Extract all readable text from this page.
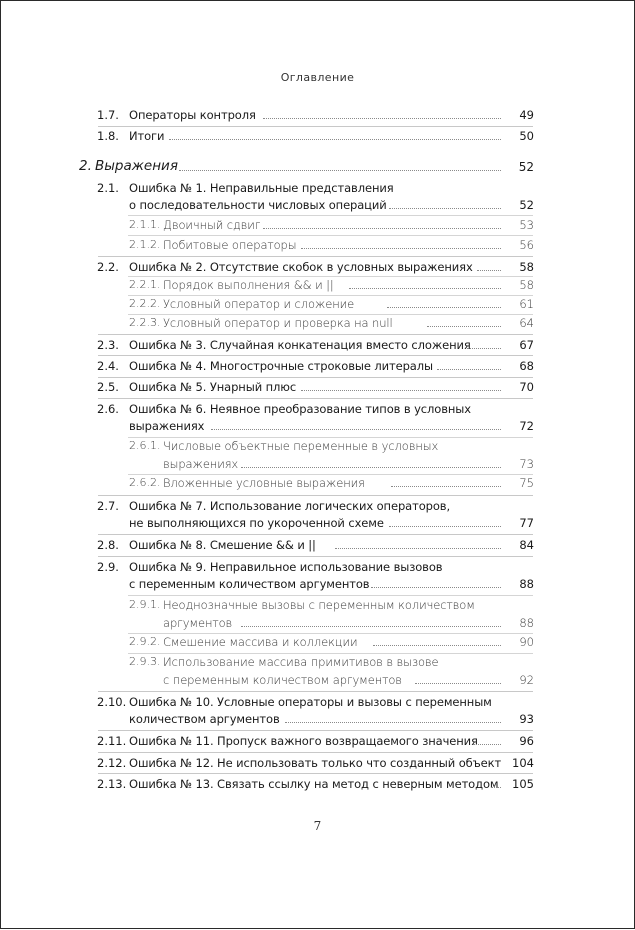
Оглавление
1.7. Операторы контроля	49
1.8. Итоги	50
2. Выражения	52
2.1. Ошибка № 1. Неправильные представления
о последовательности числовых операций	52
2.1.1. Двоичный сдвиг	53
2.1.2. Побитовые операторы	56
2.2. Ошибка № 2. Отсутствие скобок в условных выражениях	58
2.2.1. Порядок выполнения && и ||	58
2.2.2. Условный оператор и сложение	61
2.2.3. Условный оператор и проверка на null	64
2.3. Ошибка № 3. Случайная конкатенация вместо сложения	67
2.4. Ошибка № 4. Многострочные строковые литералы	68
2.5. Ошибка № 5. Унарный плюс	70
2.6. Ошибка № 6. Неявное преобразование типов в условных
выражениях	72
2.6.1. Числовые объектные переменные в условных
выражениях	73
2.6.2. Вложенные условные выражения	75
2.7. Ошибка № 7. Использование логических операторов,
не выполняющихся по укороченной схеме	77
2.8. Ошибка № 8. Смешение && и ||	84
2.9. Ошибка № 9. Неправильное использование вызовов
с переменным количеством аргументов	88
2.9.1. Неоднозначные вызовы с переменным количеством
аргументов	88
2.9.2. Смешение массива и коллекции	90
2.9.3. Использование массива примитивов в вызове
с переменным количеством аргументов	92
2.10. Ошибка № 10. Условные операторы и вызовы с переменным
количеством аргументов	93
2.11. Ошибка № 11. Пропуск важного возвращаемого значения	96
2.12. Ошибка № 12. Не использовать только что созданный объект 104
2.13. Ошибка № 13. Связать ссылку на метод с неверным методом 105
7
